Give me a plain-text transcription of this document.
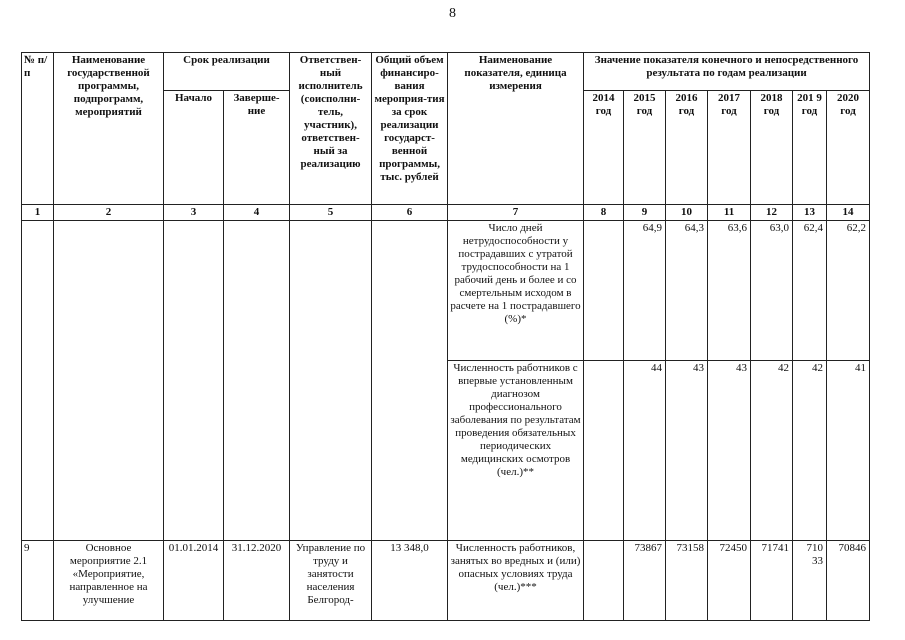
8
№ п/п	Наименование государственной программы, подпрограмм, мероприятий	Срок реализации		Ответствен-ный исполнитель (соисполни-тель, участник), ответствен-ный за реализацию	Общий объем финансиро-вания мероприя-тия за срок реализации государст-венной программы, тыс. рублей	Наименование показателя, единица измерения	Значение показателя конечного и непосредственного результата по годам реализации						
		Начало	Заверше-ние				2014 год	2015 год	2016 год	2017 год	2018 год	201 9 год	2020 год
1	2	3	4	5	6	7	8	9	10	11	12	13	14
						Число дней нетрудоспособности у пострадавших с утратой трудоспособности на 1 рабочий день и более и со смертельным исходом в расчете на 1 пострадавшего (%)*		64,9	64,3	63,6	63,0	62,4	62,2
						Численность работников с впервые установленным диагнозом профессионального заболевания по результатам проведения обязательных периодических медицинских осмотров (чел.)**		44	43	43	42	42	41
9	Основное мероприятие 2.1 «Мероприятие, направленное на улучшение	01.01.2014	31.12.2020	Управление по труду и занятости населения Белгород-	13 348,0	Численность работников, занятых во вредных и (или) опасных условиях труда (чел.)***		73867	73158	72450	71741	710 33	70846
